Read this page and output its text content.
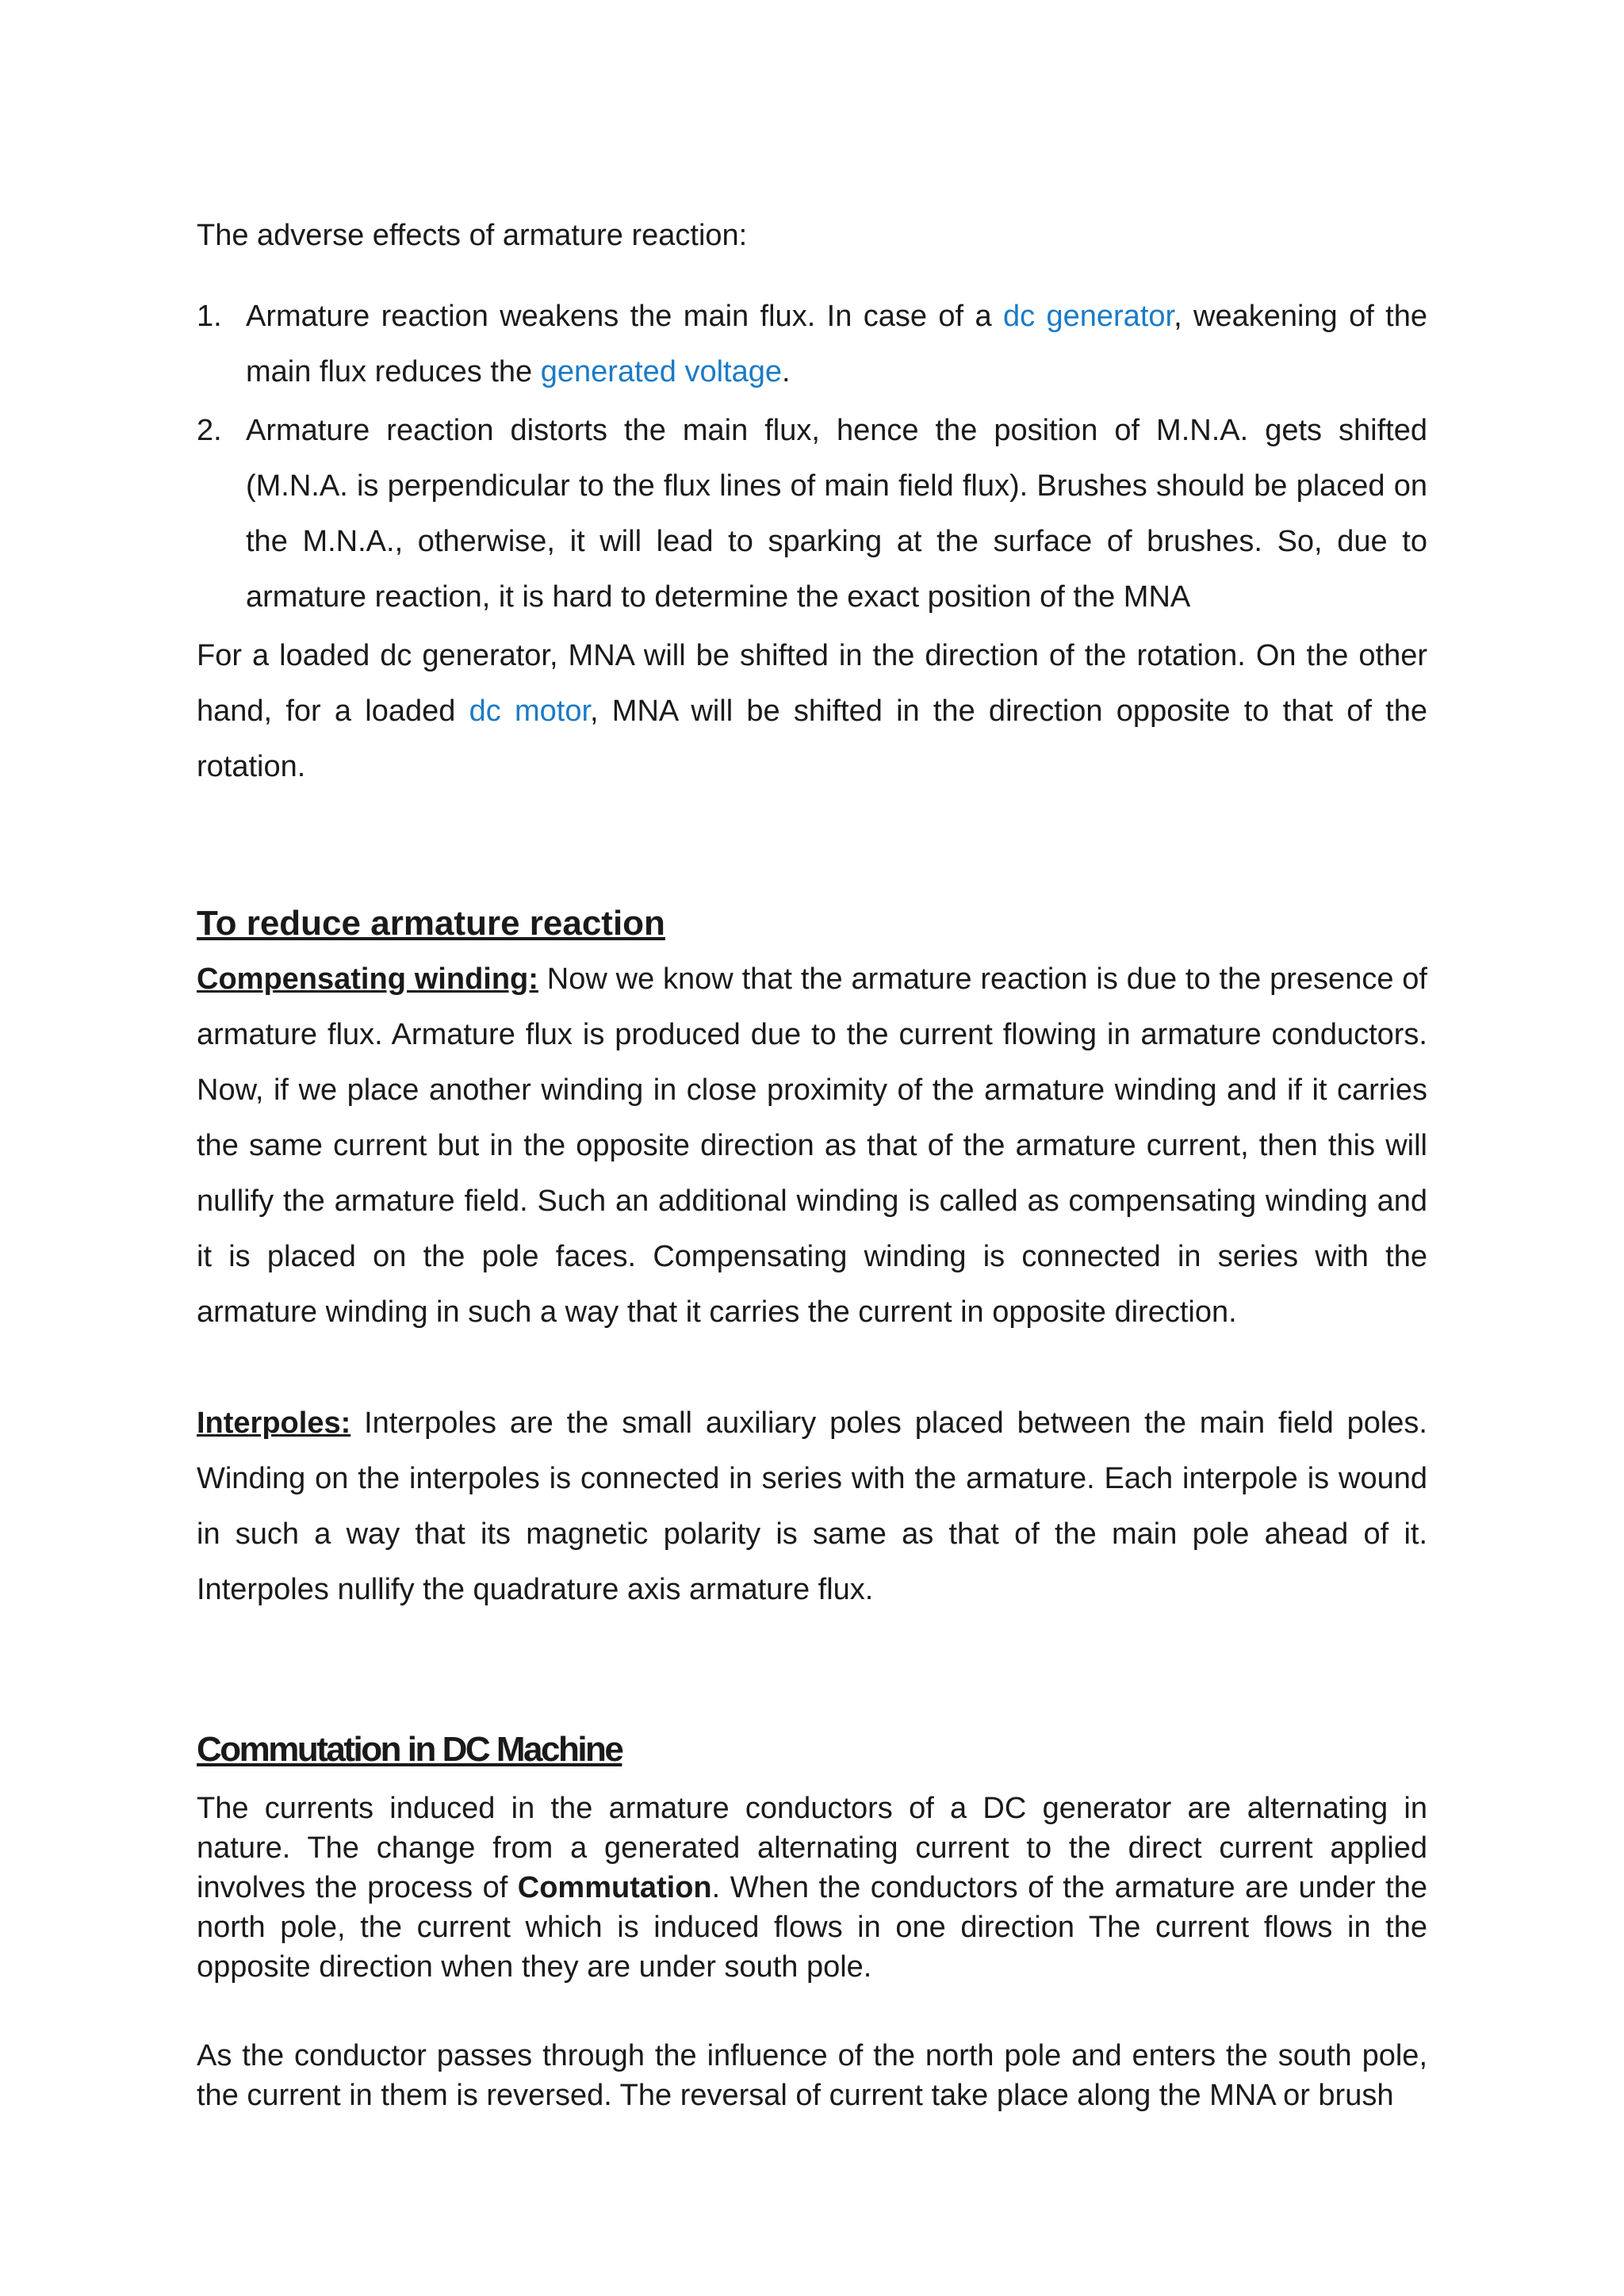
The adverse effects of armature reaction:

1. Armature reaction weakens the main flux. In case of a dc generator, weakening of the main flux reduces the generated voltage.
2. Armature reaction distorts the main flux, hence the position of M.N.A. gets shifted (M.N.A. is perpendicular to the flux lines of main field flux). Brushes should be placed on the M.N.A., otherwise, it will lead to sparking at the surface of brushes. So, due to armature reaction, it is hard to determine the exact position of the MNA

For a loaded dc generator, MNA will be shifted in the direction of the rotation. On the other hand, for a loaded dc motor, MNA will be shifted in the direction opposite to that of the rotation.

To reduce armature reaction

Compensating winding: Now we know that the armature reaction is due to the presence of armature flux. Armature flux is produced due to the current flowing in armature conductors. Now, if we place another winding in close proximity of the armature winding and if it carries the same current but in the opposite direction as that of the armature current, then this will nullify the armature field. Such an additional winding is called as compensating winding and it is placed on the pole faces. Compensating winding is connected in series with the armature winding in such a way that it carries the current in opposite direction.

Interpoles: Interpoles are the small auxiliary poles placed between the main field poles. Winding on the interpoles is connected in series with the armature. Each interpole is wound in such a way that its magnetic polarity is same as that of the main pole ahead of it. Interpoles nullify the quadrature axis armature flux.

Commutation in DC Machine

The currents induced in the armature conductors of a DC generator are alternating in nature. The change from a generated alternating current to the direct current applied involves the process of Commutation. When the conductors of the armature are under the north pole, the current which is induced flows in one direction The current flows in the opposite direction when they are under south pole.

As the conductor passes through the influence of the north pole and enters the south pole, the current in them is reversed. The reversal of current take place along the MNA or brush
